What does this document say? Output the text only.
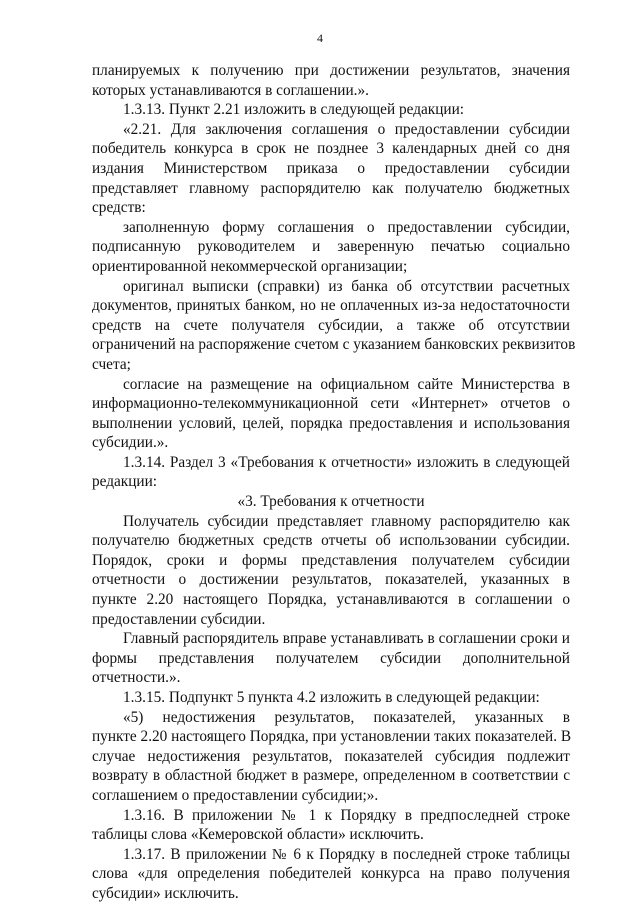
4
планируемых к получению при достижении результатов, значения
которых устанавливаются в соглашении.».
1.3.13. Пункт 2.21 изложить в следующей редакции:
«2.21. Для заключения соглашения о предоставлении субсидии
победитель конкурса в срок не позднее 3 календарных дней со дня
издания Министерством приказа о предоставлении субсидии
представляет главному распорядителю как получателю бюджетных
средств:
заполненную форму соглашения о предоставлении субсидии,
подписанную руководителем и заверенную печатью социально
ориентированной некоммерческой организации;
оригинал выписки (справки) из банка об отсутствии расчетных
документов, принятых банком, но не оплаченных из-за недостаточности
средств на счете получателя субсидии, а также об отсутствии
ограничений на распоряжение счетом с указанием банковских реквизитов
счета;
согласие на размещение на официальном сайте Министерства в
информационно-телекоммуникационной сети «Интернет» отчетов о
выполнении условий, целей, порядка предоставления и использования
субсидии.».
1.3.14. Раздел 3 «Требования к отчетности» изложить в следующей
редакции:
«3. Требования к отчетности
Получатель субсидии представляет главному распорядителю как
получателю бюджетных средств отчеты об использовании субсидии.
Порядок, сроки и формы представления получателем субсидии
отчетности о достижении результатов, показателей, указанных в
пункте 2.20 настоящего Порядка, устанавливаются в соглашении о
предоставлении субсидии.
Главный распорядитель вправе устанавливать в соглашении сроки и
формы представления получателем субсидии дополнительной
отчетности.».
1.3.15. Подпункт 5 пункта 4.2 изложить в следующей редакции:
«5) недостижения результатов, показателей, указанных в
пункте 2.20 настоящего Порядка, при установлении таких показателей. В
случае недостижения результатов, показателей субсидия подлежит
возврату в областной бюджет в размере, определенном в соответствии с
соглашением о предоставлении субсидии;».
1.3.16. В приложении № 1 к Порядку в предпоследней строке
таблицы слова «Кемеровской области» исключить.
1.3.17. В приложении № 6 к Порядку в последней строке таблицы
слова «для определения победителей конкурса на право получения
субсидии» исключить.
